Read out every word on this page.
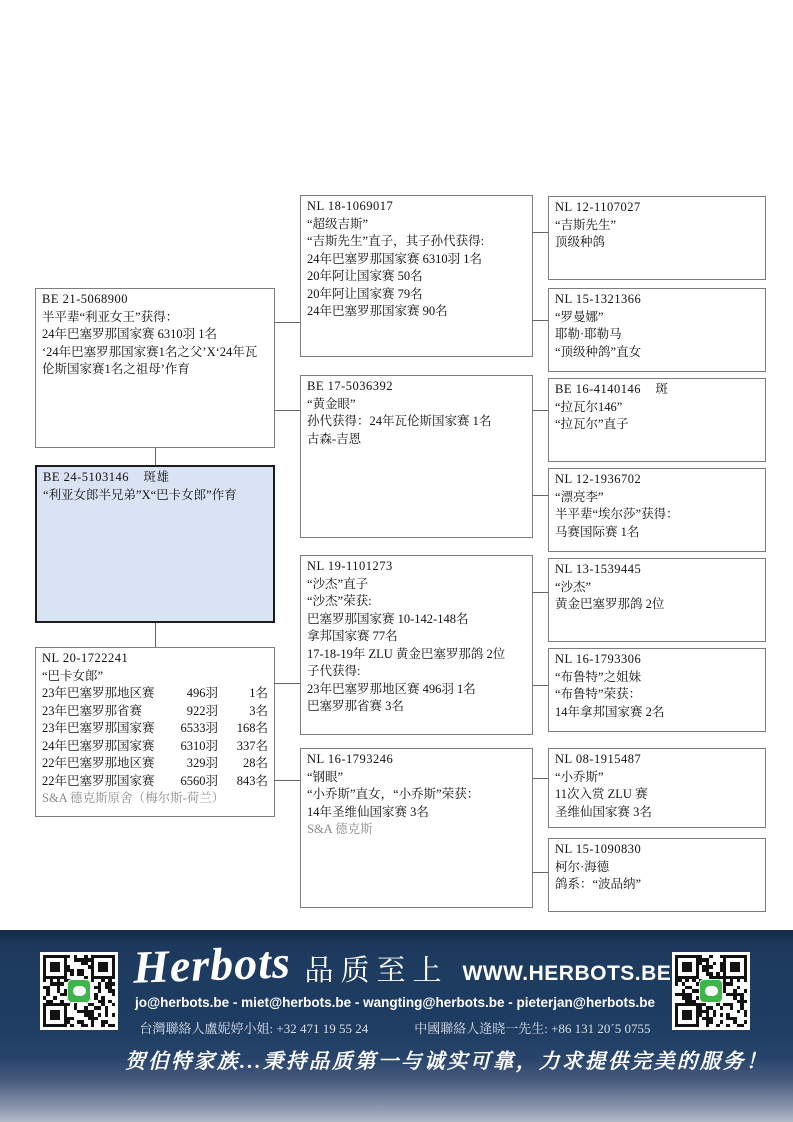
BE 21-5068900
半平辈“利亚女王”获得：
24年巴塞罗那国家赛 6310羽 1名
‘24年巴塞罗那国家赛1名之父’X‘24年瓦伦斯国家赛1名之祖母’作育
BE 24-5103146    斑雄
“利亚女郎半兄弟”X“巴卡女郎”作育
NL 20-1722241
“巴卡女郎”
23年巴塞罗那地区赛	496羽	1名
23年巴塞罗那省赛	922羽	3名
23年巴塞罗那国家赛	6533羽	168名
24年巴塞罗那国家赛	6310羽	337名
22年巴塞罗那地区赛	329羽	28名
22年巴塞罗那国家赛	6560羽	843名
S&A 德克斯原舍（梅尔斯-荷兰）
NL 18-1069017
“超级吉斯”
“吉斯先生”直子，其子孙代获得:
24年巴塞罗那国家赛 6310羽 1名
20年阿让国家赛 50名
20年阿让国家赛 79名
24年巴塞罗那国家赛 90名
BE 17-5036392
“黄金眼”
孙代获得：24年瓦伦斯国家赛 1名
古森-吉恩
NL 19-1101273
“沙杰”直子
“沙杰”荣获:
巴塞罗那国家赛 10-142-148名
拿邦国家赛 77名
17-18-19年 ZLU 黄金巴塞罗那鸽 2位
子代获得:
23年巴塞罗那地区赛 496羽 1名
巴塞罗那省赛 3名
NL 16-1793246
“钢眼”
“小乔斯”直女，“小乔斯”荣获：
14年圣维仙国家赛 3名
S&A 德克斯
NL 12-1107027
“吉斯先生”
顶级种鸽
NL 15-1321366
“罗曼娜”
耶勒·耶勒马
“顶级种鸽”直女
BE 16-4140146    斑
“拉瓦尔146”
“拉瓦尔”直子
NL 12-1936702
“漂亮李”
半平辈“埃尔莎”获得：
马赛国际赛 1名
NL 13-1539445
“沙杰”
黄金巴塞罗那鸽 2位
NL 16-1793306
“布鲁特”之姐妹
“布鲁特”荣获：
14年拿邦国家赛 2名
NL 08-1915487
“小乔斯”
11次入赏 ZLU 赛
圣维仙国家赛 3名
NL 15-1090830
柯尔·海德
鸽系：“波品纳”
Herbots 品质至上 WWW.HERBOTS.BE
jo@herbots.be - miet@herbots.be - wangting@herbots.be - pieterjan@herbots.be
台灣聯絡人盧妮婷小姐: +32 471 19 55 24	中國聯絡人逄晓一先生: +86 131 20´5 0755
贺伯特家族...秉持品质第一与诚实可靠，力求提供完美的服务！
